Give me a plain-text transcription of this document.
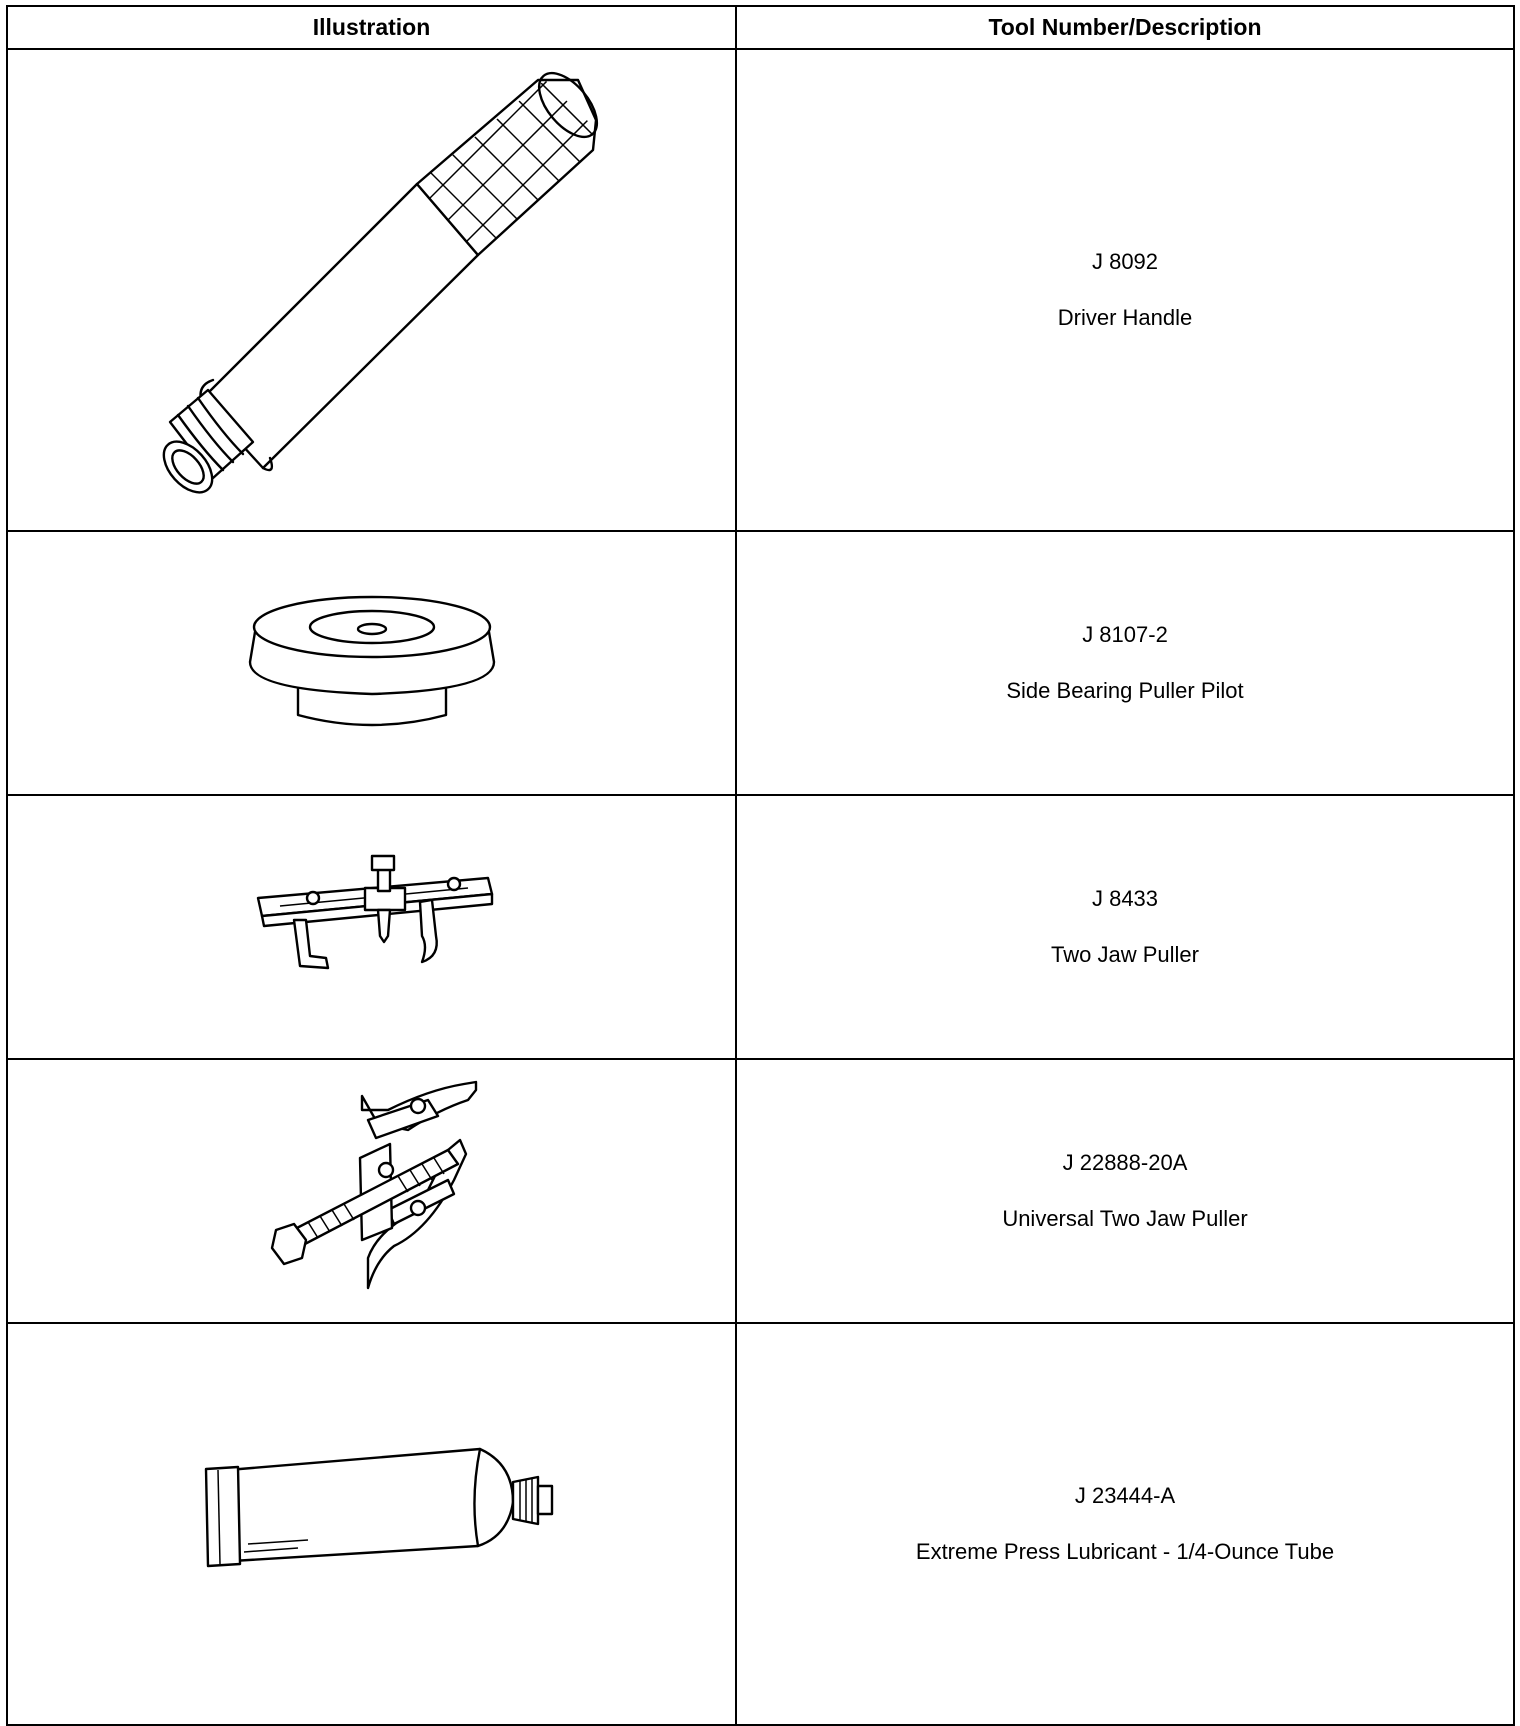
Illustration	Tool Number/Description

J 8092
Driver Handle

J 8107-2
Side Bearing Puller Pilot

J 8433
Two Jaw Puller

J 22888-20A
Universal Two Jaw Puller

J 23444-A
Extreme Press Lubricant - 1/4-Ounce Tube
